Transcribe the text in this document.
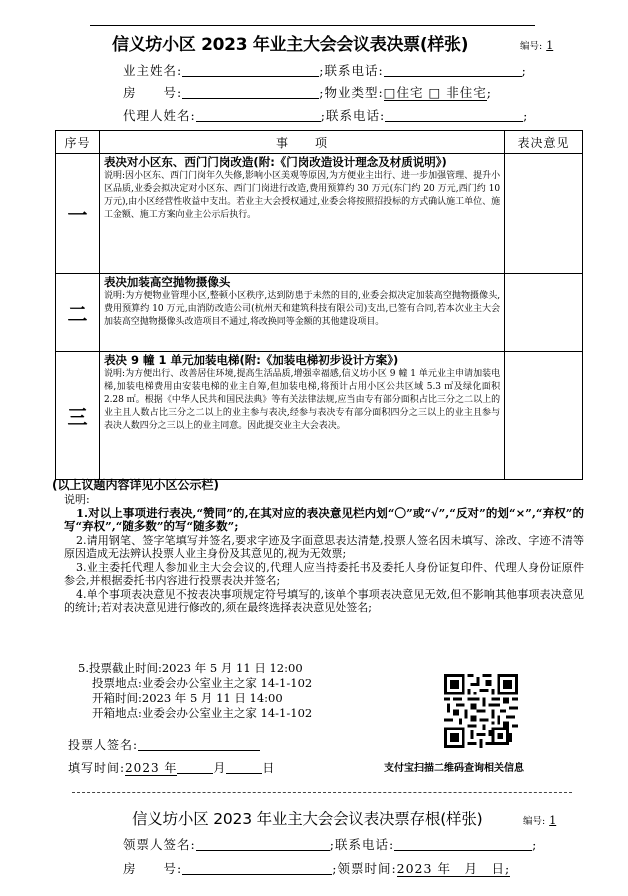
信义坊小区 2023 年业主大会会议表决票(样张)	编号: 1
业主姓名:	;联系电话:	;
房　　号:	;物业类型:□住宅 □ 非住宅;
代理人姓名:	;联系电话:	;
序号	事　　项	表决意见
一	表决对小区东、西门门岗改造(附:《门岗改造设计理念及材质说明》)
说明:因小区东、西门门岗年久失修,影响小区美观等原因,为方便业主出行、进一步加强管理、提升小区品质,业委会拟决定对小区东、西门门岗进行改造,费用预算约 30 万元(东门约 20 万元,西门约 10 万元),由小区经营性收益中支出。若业主大会授权通过,业委会将按照招投标的方式确认施工单位、施工金额、施工方案向业主公示后执行。	

二	表决加装高空抛物摄像头
说明:为方便物业管理小区,整顿小区秩序,达到防患于未然的目的,业委会拟决定加装高空抛物摄像头,费用预算约 10 万元,由消防改造公司(杭州天和建筑科技有限公司)支出,已签有合同,若本次业主大会加装高空抛物摄像头改造项目不通过,将改换同等金额的其他建设项目。	

三	表决 9 幢 1 单元加装电梯(附:《加装电梯初步设计方案》)
说明:为方便出行、改善居住环境,提高生活品质,增强幸福感,信义坊小区 9 幢 1 单元业主申请加装电梯,加装电梯费用由安装电梯的业主自筹,但加装电梯,将预计占用小区公共区域 5.3 ㎡及绿化面积 2.28 ㎡。根据《中华人民共和国民法典》等有关法律法规,应当由专有部分面积占比三分之二以上的业主且人数占比三分之二以上的业主参与表决,经参与表决专有部分面积四分之三以上的业主且参与表决人数四分之三以上的业主同意。因此提交业主大会表决。	

(以上议题内容详见小区公示栏)

说明:

1.对以上事项进行表决,“赞同”的,在其对应的表决意见栏内划“〇”或“√”,“反对”的划“×”,“弃权”的写“弃权”,“随多数”的写“随多数”;

2.请用钢笔、签字笔填写并签名,要求字迹及字面意思表达清楚,投票人签名因未填写、涂改、字迹不清等原因造成无法辨认投票人业主身份及其意见的,视为无效票;

3.业主委托代理人参加业主大会会议的,代理人应当持委托书及委托人身份证复印件、代理人身份证原件参会,并根据委托书内容进行投票表决并签名;

4.单个事项表决意见不按表决事项规定符号填写的,该单个事项表决意见无效,但不影响其他事项表决意见的统计;若对表决意见进行修改的,须在最终选择表决意见处签名;

5.投票截止时间:2023 年 5 月 11 日 12:00
投票地点:业委会办公室业主之家 14-1-102
开箱时间:2023 年 5 月 11 日 14:00
开箱地点:业委会办公室业主之家 14-1-102
支付宝扫描二维码查询相关信息
投票人签名:
填写时间:2023 年	月	日
信义坊小区 2023 年业主大会会议表决票存根(样张)	编号: 1
领票人签名:	;联系电话:	;
房　　号:	;领票时间:2023 年　月　日;
